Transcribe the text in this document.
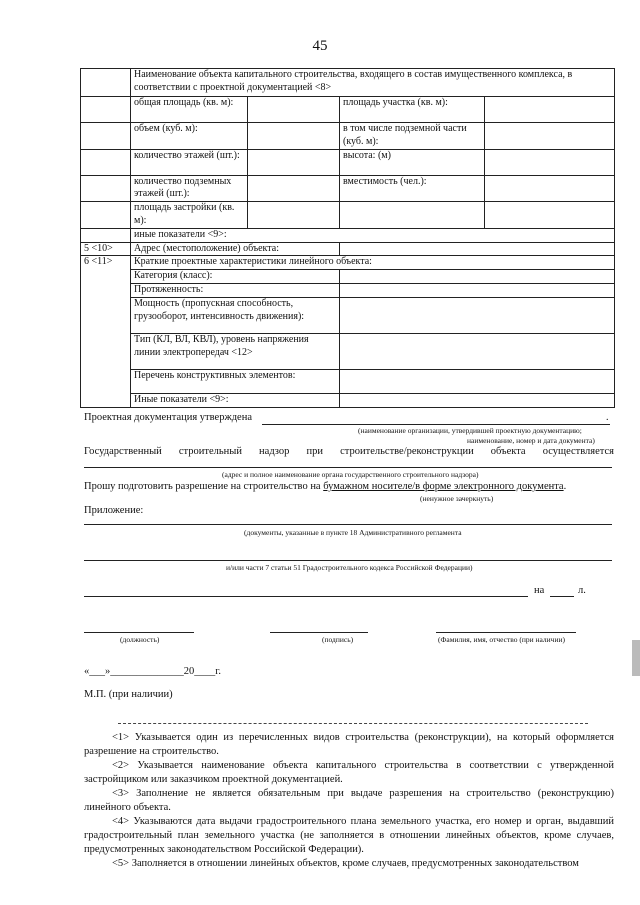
45
	Наименование объекта капитального строительства, входящего в состав имущественного комплекса, в соответствии с проектной документацией <8>			
	общая площадь (кв. м):		площадь участка (кв. м):	
	объем (куб. м):		в том числе подземной части (куб. м):	
	количество этажей (шт.):		высота: (м)	
	количество подземных этажей (шт.):		вместимость (чел.):	
	площадь застройки (кв. м):			
	иные показатели <9>:			
5 <10>	Адрес (местоположение) объекта:			
6 <11>	Краткие проектные характеристики линейного объекта:			
	Категория (класс):			
	Протяженность:			
	Мощность (пропускная способность, грузооборот, интенсивность движения):			
	Тип (КЛ, ВЛ, КВЛ), уровень напряжения линии электропередач <12>			
	Перечень конструктивных элементов:			
	Иные показатели <9>:			
Проектная документация утверждена	.
(наименование организации, утвердившей проектную документацию;
наименование, номер и дата документа)
Государственный строительный надзор при строительстве/реконструкции объекта осуществляется
(адрес и полное наименование органа государственного строительного надзора)
Прошу подготовить разрешение на строительство на бумажном носителе/в форме электронного документа.
(ненужное зачеркнуть)
Приложение:
(документы, указанные в пункте 18 Административного регламента
и/или части 7 статьи 51 Градостроительного кодекса Российской Федерации)
на	л.
(должность)	(подпись)	(Фамилия, имя, отчество (при наличии)
«___»______________20____г.
М.П. (при наличии)
<1> Указывается один из перечисленных видов строительства (реконструкции), на который оформляется разрешение на строительство.
<2> Указывается наименование объекта капитального строительства в соответствии с утвержденной застройщиком или заказчиком проектной документацией.
<3> Заполнение не является обязательным при выдаче разрешения на строительство (реконструкцию) линейного объекта.
<4> Указываются дата выдачи градостроительного плана земельного участка, его номер и орган, выдавший градостроительный план земельного участка (не заполняется в отношении линейных объектов, кроме случаев, предусмотренных законодательством Российской Федерации).
<5> Заполняется в отношении линейных объектов, кроме случаев, предусмотренных законодательством
